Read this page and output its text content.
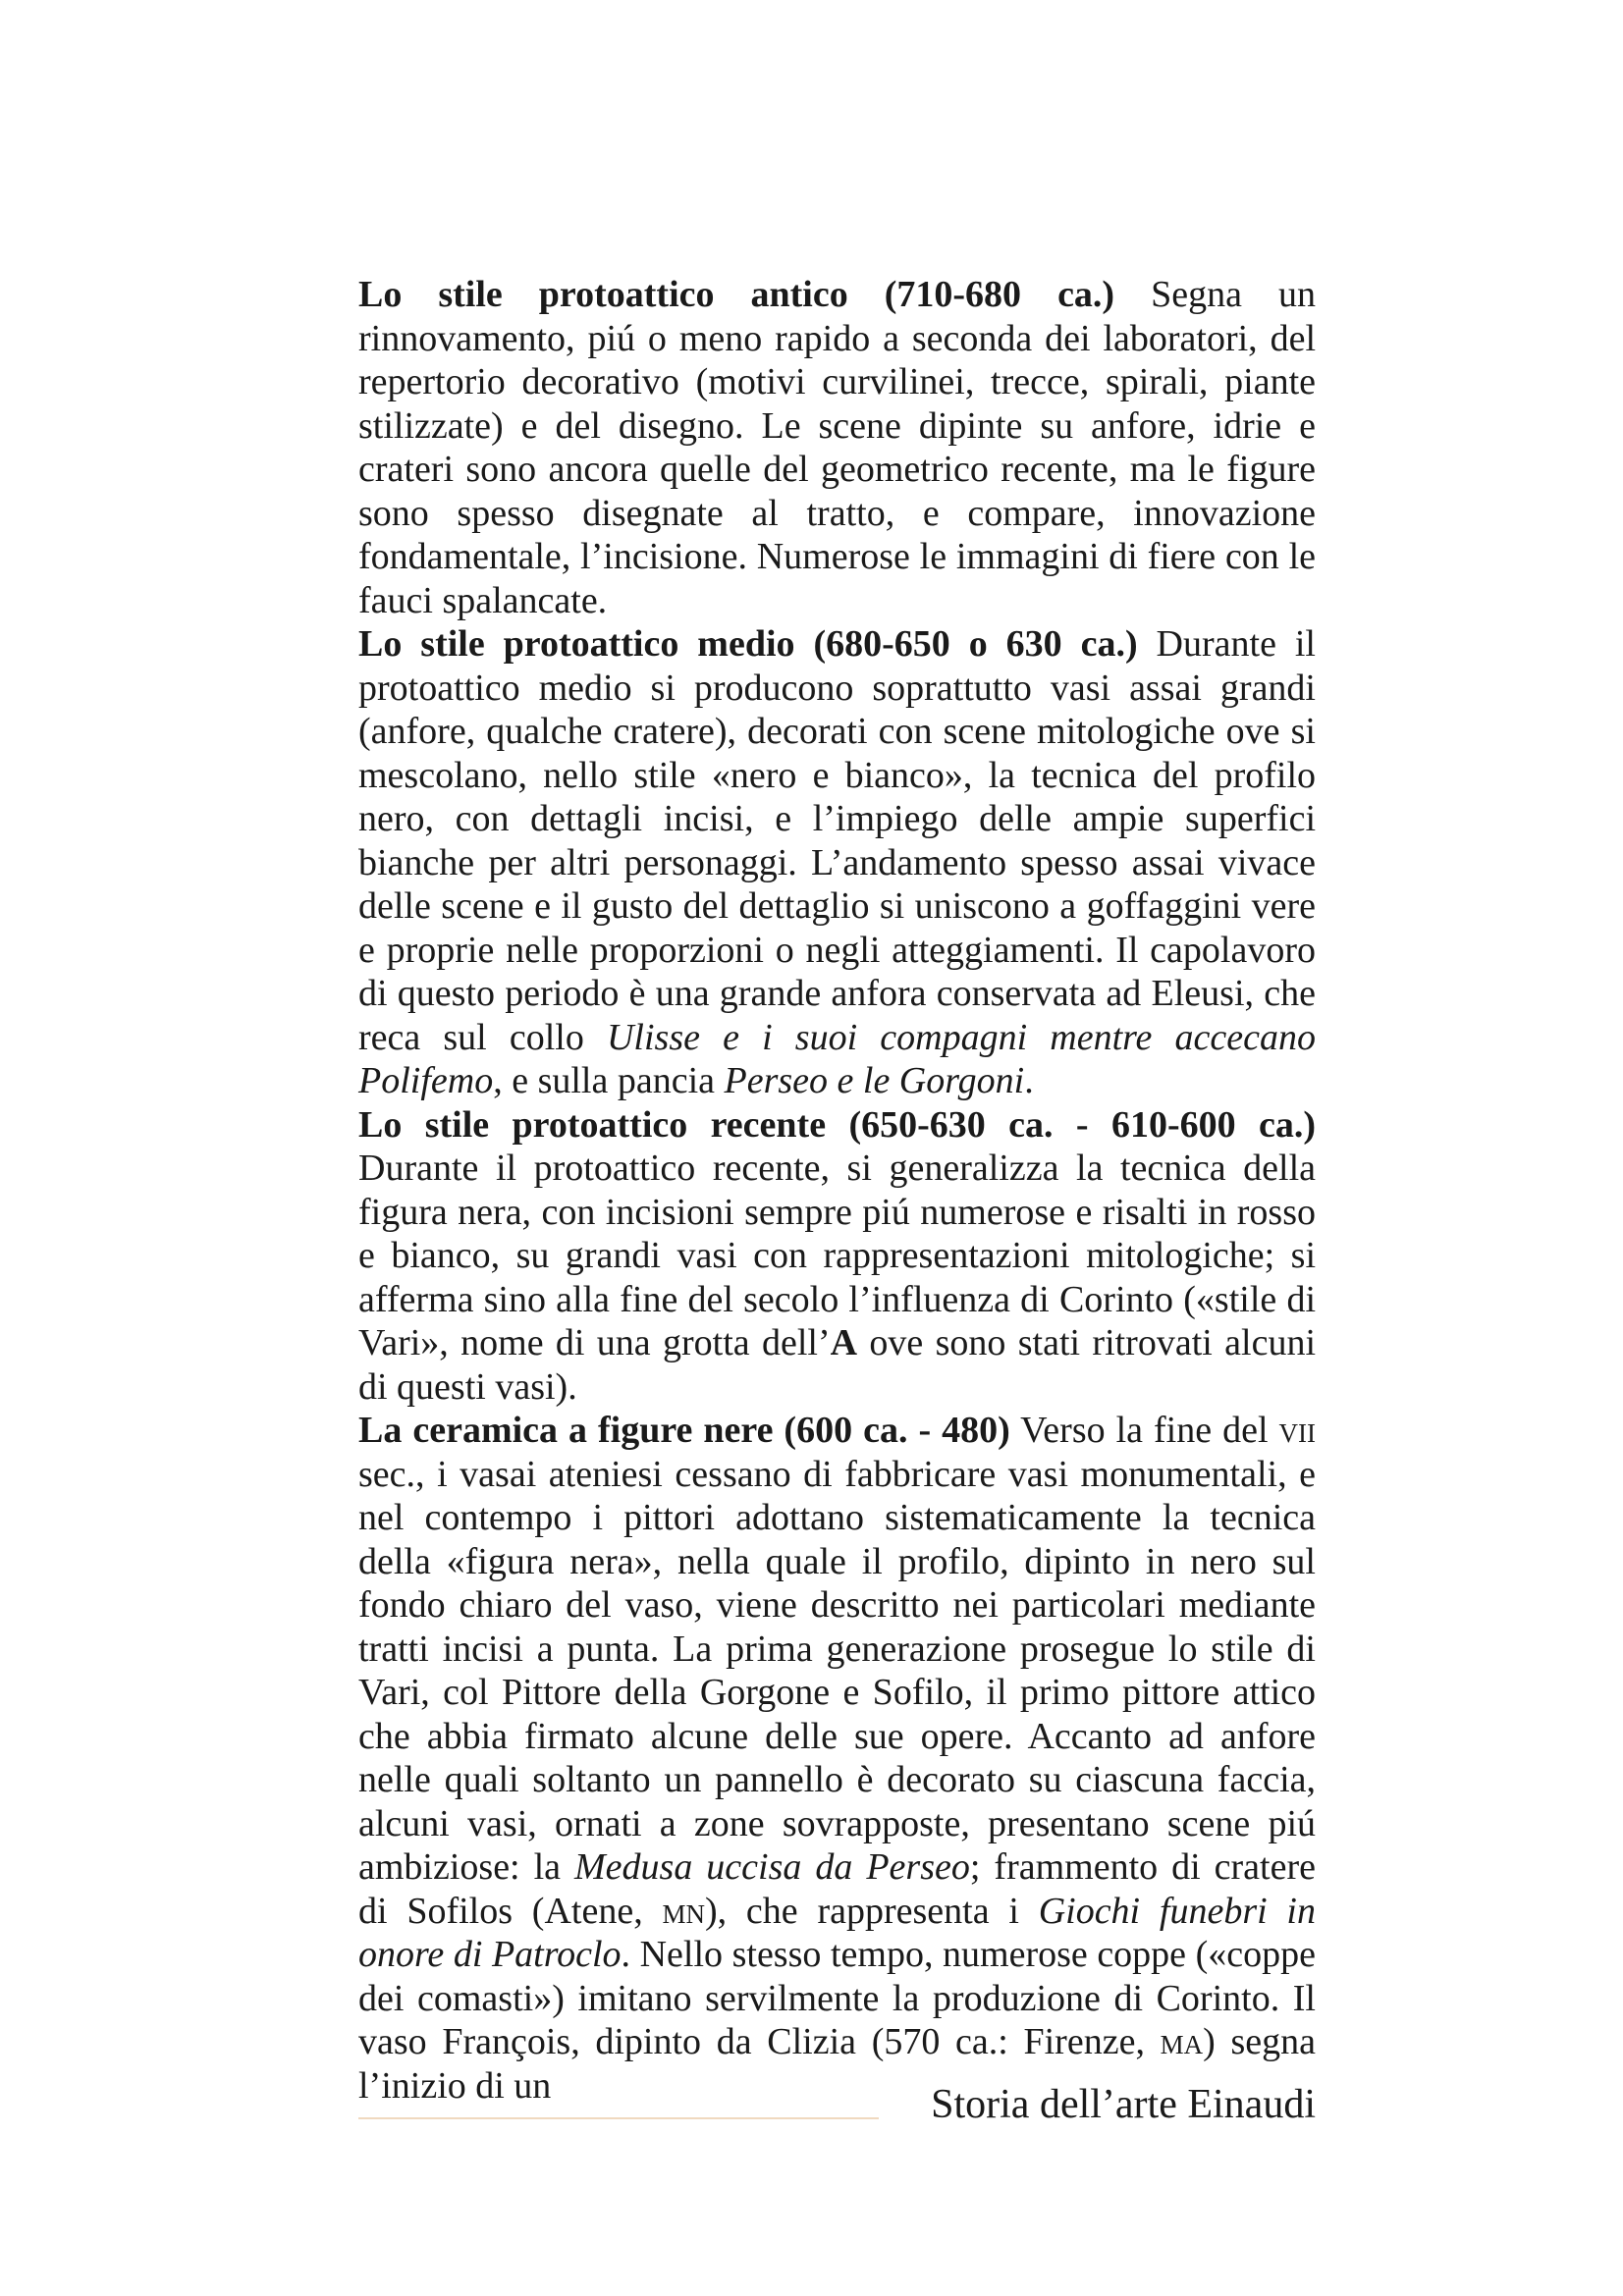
Lo stile protoattico antico (710-680 ca.) Segna un rinnovamento, piú o meno rapido a seconda dei laboratori, del repertorio decorativo (motivi curvilinei, trecce, spirali, piante stilizzate) e del disegno. Le scene dipinte su anfore, idrie e crateri sono ancora quelle del geometrico recente, ma le figure sono spesso disegnate al tratto, e compare, innovazione fondamentale, l’incisione. Numerose le immagini di fiere con le fauci spalancate.

Lo stile protoattico medio (680-650 o 630 ca.) Durante il protoattico medio si producono soprattutto vasi assai grandi (anfore, qualche cratere), decorati con scene mitologiche ove si mescolano, nello stile «nero e bianco», la tecnica del profilo nero, con dettagli incisi, e l’impiego delle ampie superfici bianche per altri personaggi. L’andamento spesso assai vivace delle scene e il gusto del dettaglio si uniscono a goffaggini vere e proprie nelle proporzioni o negli atteggiamenti. Il capolavoro di questo periodo è una grande anfora conservata ad Eleusi, che reca sul collo Ulisse e i suoi compagni mentre accecano Polifemo, e sulla pancia Perseo e le Gorgoni.

Lo stile protoattico recente (650-630 ca. - 610-600 ca.) Durante il protoattico recente, si generalizza la tecnica della figura nera, con incisioni sempre piú numerose e risalti in rosso e bianco, su grandi vasi con rappresentazioni mitologiche; si afferma sino alla fine del secolo l’influenza di Corinto («stile di Vari», nome di una grotta dell’A ove sono stati ritrovati alcuni di questi vasi).

La ceramica a figure nere (600 ca. - 480) Verso la fine del vii sec., i vasai ateniesi cessano di fabbricare vasi monumentali, e nel contempo i pittori adottano sistematicamente la tecnica della «figura nera», nella quale il profilo, dipinto in nero sul fondo chiaro del vaso, viene descritto nei particolari mediante tratti incisi a punta. La prima generazione prosegue lo stile di Vari, col Pittore della Gorgone e Sofilo, il primo pittore attico che abbia firmato alcune delle sue opere. Accanto ad anfore nelle quali soltanto un pannello è decorato su ciascuna faccia, alcuni vasi, ornati a zone sovrapposte, presentano scene piú ambiziose: la Medusa uccisa da Perseo; frammento di cratere di Sofilos (Atene, mn), che rappresenta i Giochi funebri in onore di Patroclo. Nello stesso tempo, numerose coppe («coppe dei comasti») imitano servilmente la produzione di Corinto. Il vaso François, dipinto da Clizia (570 ca.: Firenze, ma) segna l’inizio di un	Storia dell’arte Einaudi
